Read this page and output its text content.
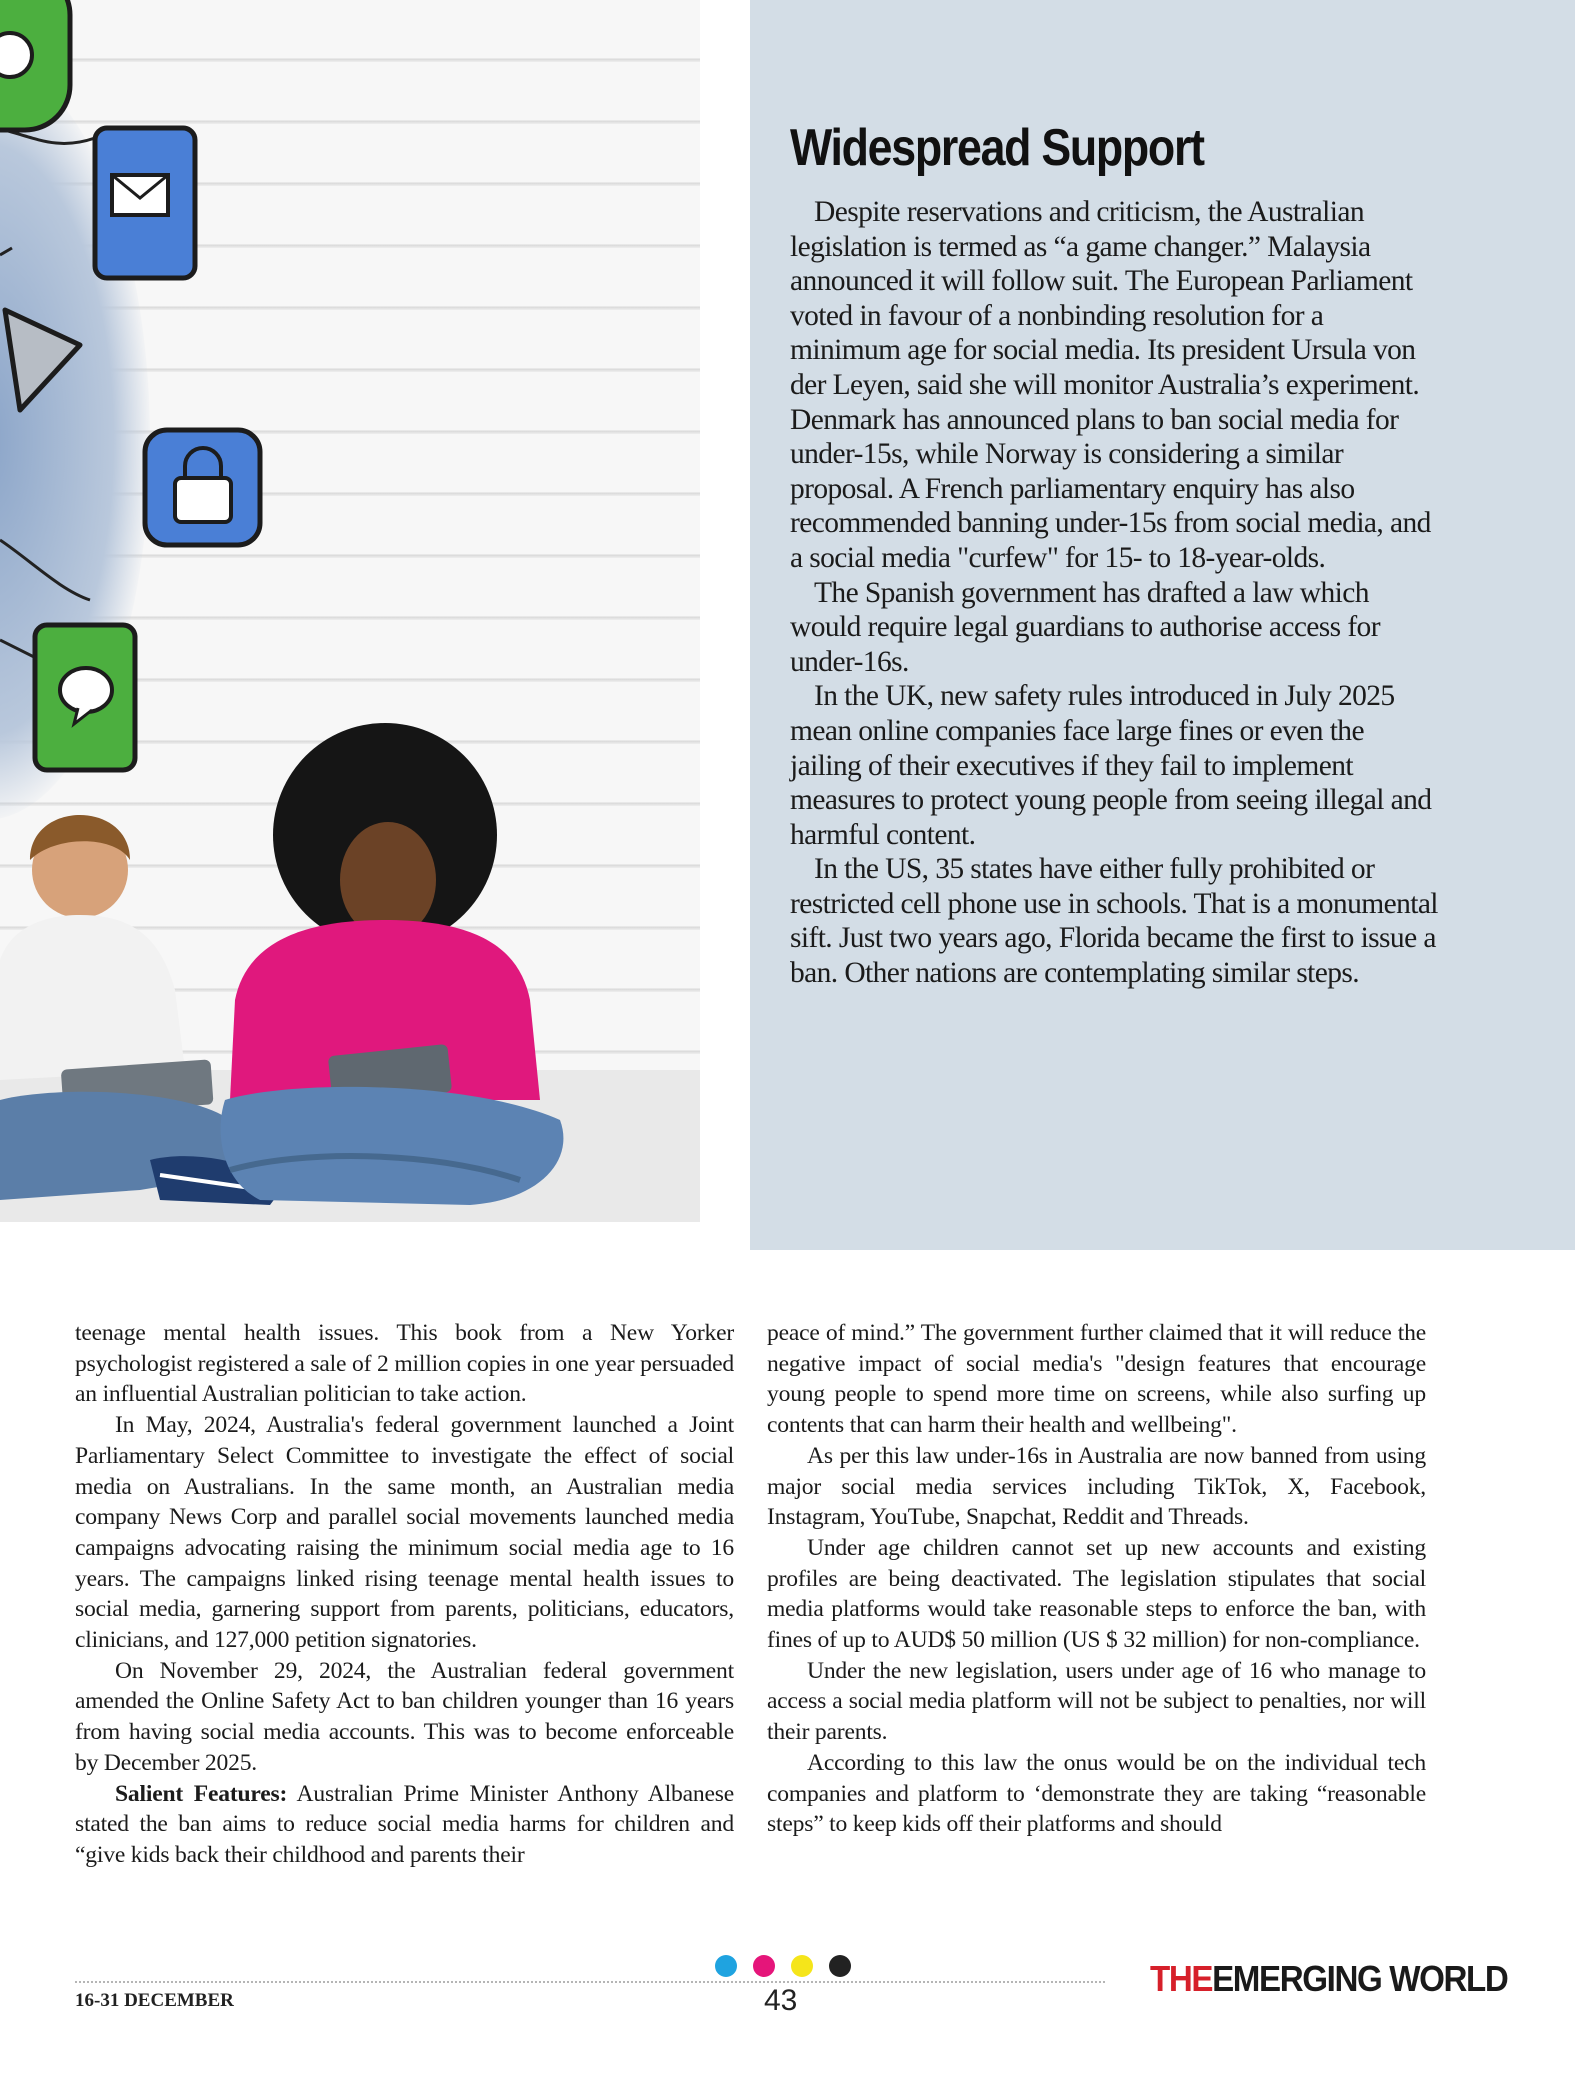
Widespread Support

Despite reservations and criticism, the Australian legislation is termed as “a game changer.” Malaysia announced it will follow suit. The European Parliament voted in favour of a nonbinding resolution for a minimum age for social media. Its president Ursula von der Leyen, said she will monitor Australia’s experiment. Denmark has announced plans to ban social media for under-15s, while Norway is considering a similar proposal. A French parliamentary enquiry has also recommended banning under-15s from social media, and a social media "curfew" for 15- to 18-year-olds.

The Spanish government has drafted a law which would require legal guardians to authorise access for under-16s.

In the UK, new safety rules introduced in July 2025 mean online companies face large fines or even the jailing of their executives if they fail to implement measures to protect young people from seeing illegal and harmful content.

In the US, 35 states have either fully prohibited or restricted cell phone use in schools. That is a monumental sift. Just two years ago, Florida became the first to issue a ban. Other nations are contemplating similar steps.

teenage mental health issues. This book from a New Yorker psychologist registered a sale of 2 million copies in one year persuaded an influential Australian politician to take action.

In May, 2024, Australia's federal government launched a Joint Parliamentary Select Committee to investigate the effect of social media on Australians. In the same month, an Australian media company News Corp and parallel social movements launched media campaigns advocating raising the minimum social media age to 16 years. The campaigns linked rising teenage mental health issues to social media, garnering support from parents, politicians, educators, clinicians, and 127,000 petition signatories.

On November 29, 2024, the Australian federal government amended the Online Safety Act to ban children younger than 16 years from having social media accounts. This was to become enforceable by December 2025.

Salient Features: Australian Prime Minister Anthony Albanese stated the ban aims to reduce social media harms for children and “give kids back their childhood and parents their

peace of mind.” The government further claimed that it will reduce the negative impact of social media's "design features that encourage young people to spend more time on screens, while also surfing up contents that can harm their health and wellbeing".

As per this law under-16s in Australia are now banned from using major social media services including TikTok, X, Facebook, Instagram, YouTube, Snapchat, Reddit and Threads.

Under age children cannot set up new accounts and existing profiles are being deactivated. The legislation stipulates that social media platforms would take reasonable steps to enforce the ban, with fines of up to AUD$ 50 million (US $ 32 million) for non-compliance.

Under the new legislation, users under age of 16 who manage to access a social media platform will not be subject to penalties, nor will their parents.

According to this law the onus would be on the individual tech companies and platform to ‘demonstrate they are taking “reasonable steps” to keep kids off their platforms and should

16-31 DECEMBER	43
THEEMERGING WORLD
